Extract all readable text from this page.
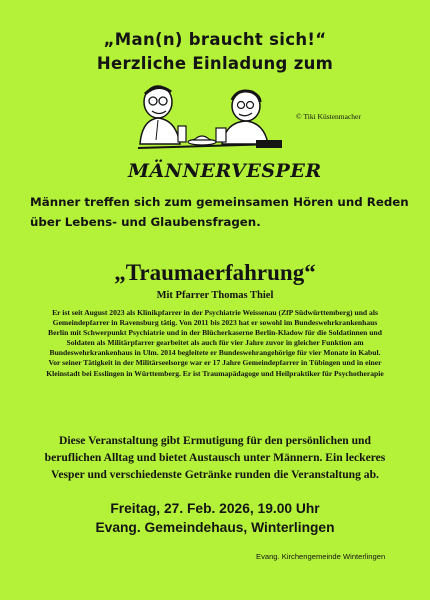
„Man(n) braucht sich!“
Herzliche Einladung zum
© Tiki Küstenmacher
MÄNNERVESPER
Männer treffen sich zum gemeinsamen Hören und Reden über Lebens- und Glaubensfragen.
„Traumaerfahrung“
Mit Pfarrer Thomas Thiel
Er ist seit August 2023 als Klinikpfarrer in der Psychiatrie Weissenau (ZfP Südwürttemberg) und als Gemeindepfarrer in Ravensburg tätig. Von 2011 bis 2023 hat er sowohl im Bundeswehrkrankenhaus Berlin mit Schwerpunkt Psychiatrie und in der Blücherkaserne Berlin-Kladow für die Soldatinnen und Soldaten als Militärpfarrer gearbeitet als auch für vier Jahre zuvor in gleicher Funktion am Bundeswehrkrankenhaus in Ulm. 2014 begleitete er Bundeswehrangehörige für vier Monate in Kabul. Vor seiner Tätigkeit in der Militärseelsorge war er 17 Jahre Gemeindepfarrer in Tübingen und in einer Kleinstadt bei Esslingen in Württemberg. Er ist Traumapädagoge und Heilpraktiker für Psychotherapie
Diese Veranstaltung gibt Ermutigung für den persönlichen und beruflichen Alltag und bietet Austausch unter Männern. Ein leckeres Vesper und verschiedenste Getränke runden die Veranstaltung ab.
Freitag, 27. Feb. 2026, 19.00 Uhr
Evang. Gemeindehaus, Winterlingen
Evang. Kirchengemeinde Winterlingen
